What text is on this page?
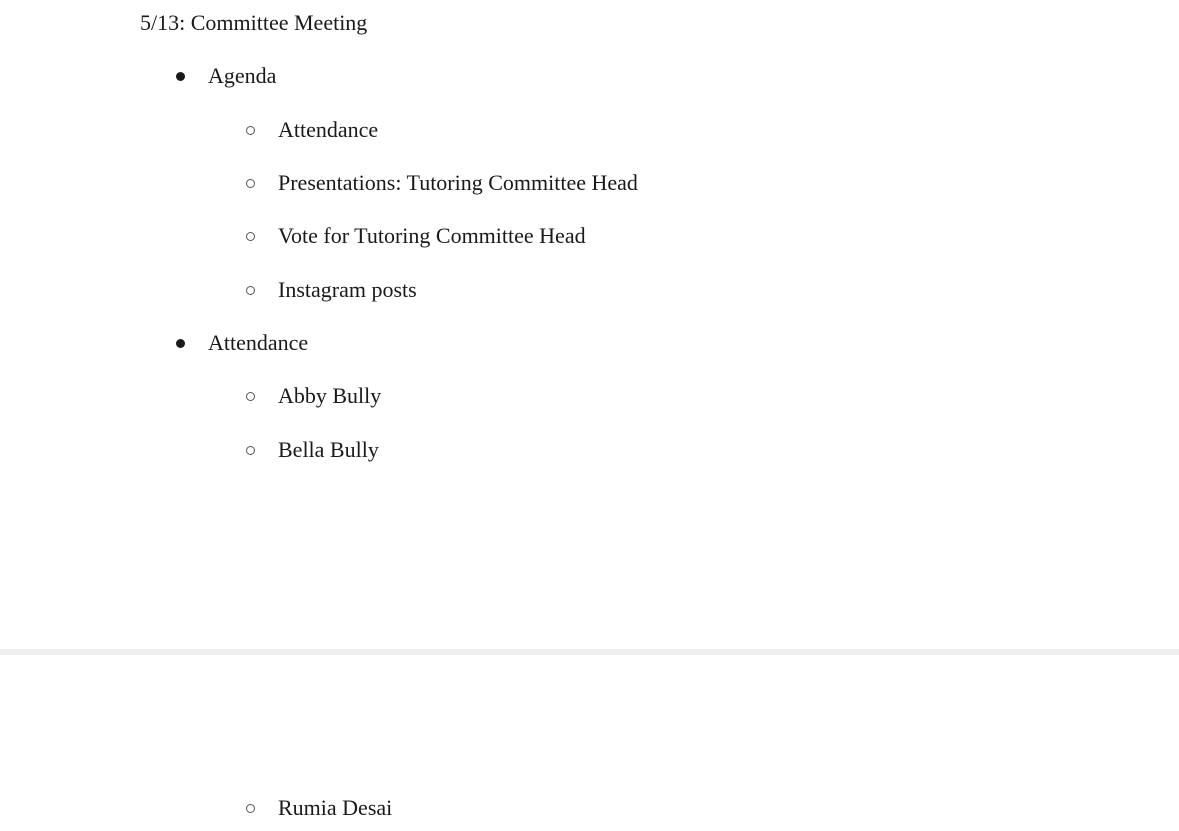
5/13: Committee Meeting
Agenda
Attendance
Presentations: Tutoring Committee Head
Vote for Tutoring Committee Head
Instagram posts
Attendance
Abby Bully
Bella Bully
Rumia Desai
